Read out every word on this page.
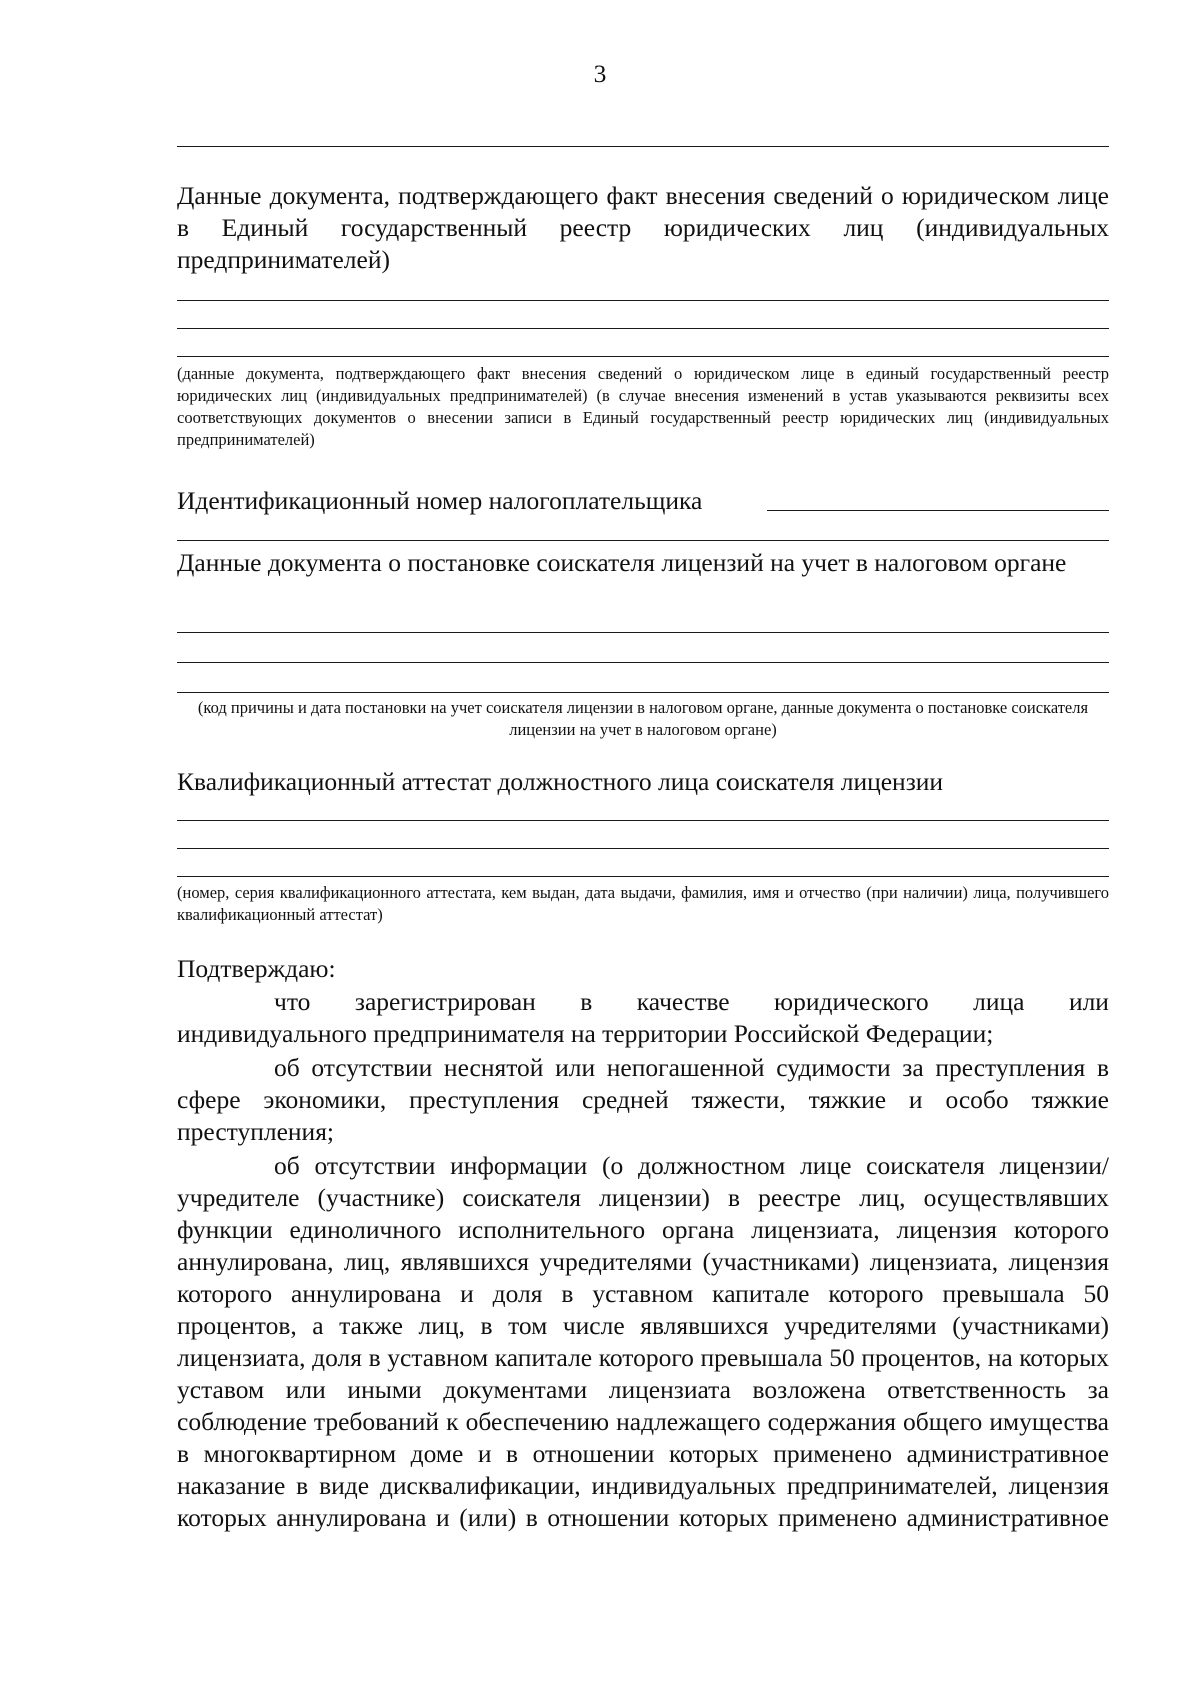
3
Данные документа, подтверждающего факт внесения сведений о юридическом лице в Единый государственный реестр юридических лиц (индивидуальных предпринимателей)
(данные документа, подтверждающего факт внесения сведений о юридическом лице в единый государственный реестр юридических лиц (индивидуальных предпринимателей) (в случае внесения изменений в устав указываются реквизиты всех соответствующих документов о внесении записи в Единый государственный реестр юридических лиц (индивидуальных предпринимателей)
Идентификационный номер налогоплательщика
Данные документа о постановке соискателя лицензий на учет в налоговом органе
(код причины и дата постановки на учет соискателя лицензии в налоговом органе, данные документа о постановке соискателя лицензии на учет в налоговом органе)
Квалификационный аттестат должностного лица соискателя лицензии
(номер, серия квалификационного аттестата, кем выдан, дата выдачи, фамилия, имя и отчество (при наличии) лица, получившего квалификационный аттестат)
Подтверждаю:
что зарегистрирован в качестве юридического лица или
индивидуального предпринимателя на территории Российской Федерации;
об отсутствии неснятой или непогашенной судимости за преступления в сфере экономики, преступления средней тяжести, тяжкие и особо тяжкие преступления;
об отсутствии информации (о должностном лице соискателя лицензии/ учредителе (участнике) соискателя лицензии) в реестре лиц, осуществлявших функции единоличного исполнительного органа лицензиата, лицензия которого аннулирована, лиц, являвшихся учредителями (участниками) лицензиата, лицензия которого аннулирована и доля в уставном капитале которого превышала 50 процентов, а также лиц, в том числе являвшихся учредителями (участниками) лицензиата, доля в уставном капитале которого превышала 50 процентов, на которых уставом или иными документами лицензиата возложена ответственность за соблюдение требований к обеспечению надлежащего содержания общего имущества в многоквартирном доме и в отношении которых применено административное наказание в виде дисквалификации, индивидуальных предпринимателей, лицензия которых аннулирована и (или) в отношении которых применено административное
